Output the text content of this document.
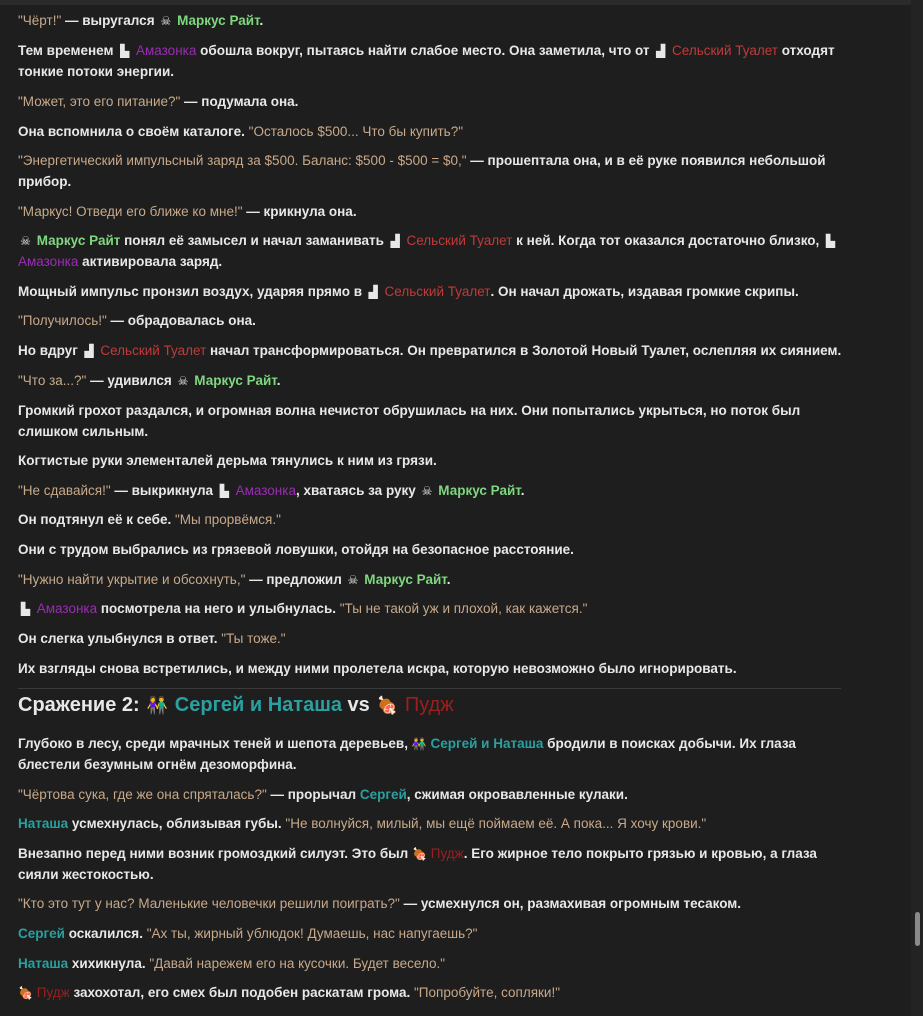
"Чёрт!" — выругался ☠ Маркус Райт.

Тем временем ▙ Амазонка обошла вокруг, пытаясь найти слабое место. Она заметила, что от ▟ Сельский Туалет отходят тонкие потоки энергии.

"Может, это его питание?" — подумала она.

Она вспомнила о своём каталоге. "Осталось $500... Что бы купить?"

"Энергетический импульсный заряд за $500. Баланс: $500 - $500 = $0," — прошептала она, и в её руке появился небольшой прибор.

"Маркус! Отведи его ближе ко мне!" — крикнула она.

☠ Маркус Райт понял её замысел и начал заманивать ▟ Сельский Туалет к ней. Когда тот оказался достаточно близко, ▙ Амазонка активировала заряд.

Мощный импульс пронзил воздух, ударяя прямо в ▟ Сельский Туалет. Он начал дрожать, издавая громкие скрипы.

"Получилось!" — обрадовалась она.

Но вдруг ▟ Сельский Туалет начал трансформироваться. Он превратился в Золотой Новый Туалет, ослепляя их сиянием.

"Что за...?" — удивился ☠ Маркус Райт.

Громкий грохот раздался, и огромная волна нечистот обрушилась на них. Они попытались укрыться, но поток был слишком сильным.

Когтистые руки элементалей дерьма тянулись к ним из грязи.

"Не сдавайся!" — выкрикнула ▙ Амазонка, хватаясь за руку ☠ Маркус Райт.

Он подтянул её к себе. "Мы прорвёмся."

Они с трудом выбрались из грязевой ловушки, отойдя на безопасное расстояние.

"Нужно найти укрытие и обсохнуть," — предложил ☠ Маркус Райт.

▙ Амазонка посмотрела на него и улыбнулась. "Ты не такой уж и плохой, как кажется."

Он слегка улыбнулся в ответ. "Ты тоже."

Их взгляды снова встретились, и между ними пролетела искра, которую невозможно было игнорировать.

Сражение 2: 👫 Сергей и Наташа vs 🍖 Пудж

Глубоко в лесу, среди мрачных теней и шепота деревьев, 👫 Сергей и Наташа бродили в поисках добычи. Их глаза блестели безумным огнём дезоморфина.

"Чёртова сука, где же она спряталась?" — прорычал Сергей, сжимая окровавленные кулаки.

Наташа усмехнулась, облизывая губы. "Не волнуйся, милый, мы ещё поймаем её. А пока... Я хочу крови."

Внезапно перед ними возник громоздкий силуэт. Это был 🍖 Пудж. Его жирное тело покрыто грязью и кровью, а глаза сияли жестокостью.

"Кто это тут у нас? Маленькие человечки решили поиграть?" — усмехнулся он, размахивая огромным тесаком.

Сергей оскалился. "Ах ты, жирный ублюдок! Думаешь, нас напугаешь?"

Наташа хихикнула. "Давай нарежем его на кусочки. Будет весело."

🍖 Пудж захохотал, его смех был подобен раскатам грома. "Попробуйте, сопляки!"
